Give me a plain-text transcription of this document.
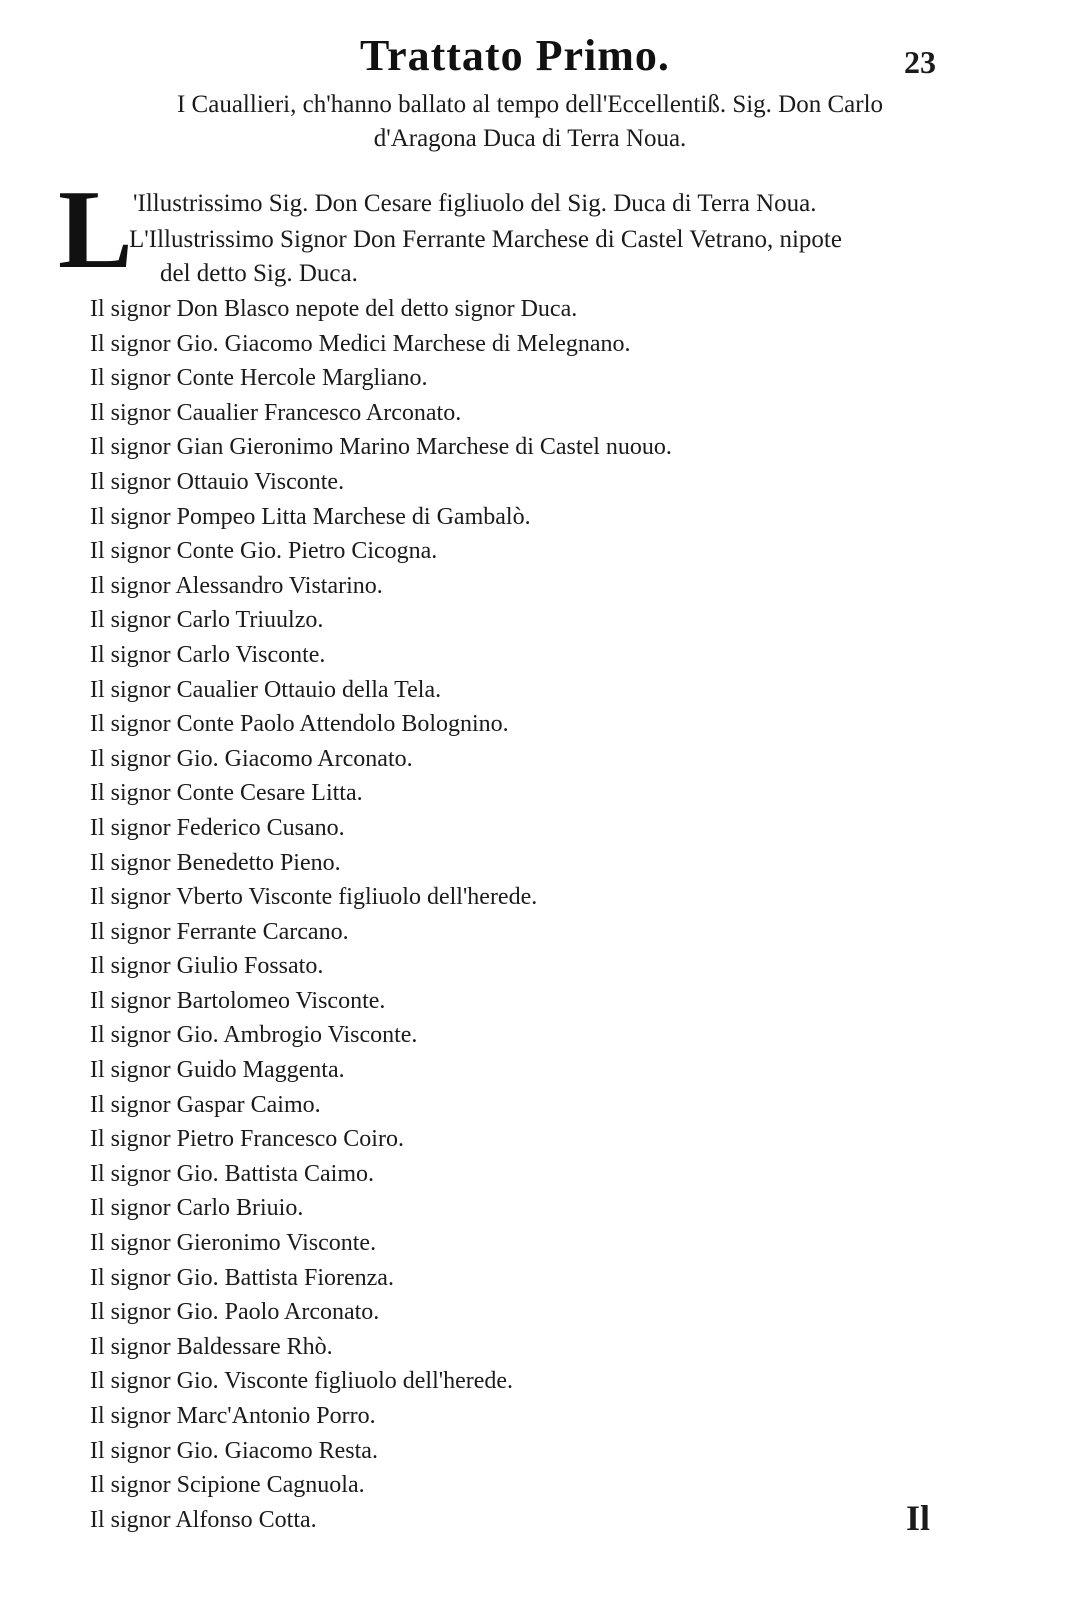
Trattato Primo.	23
I Cauallieri, ch'hanno ballato al tempo dell'Eccellentiß. Sig. Don Carlo
d'Aragona Duca di Terra Noua.
L 'Illustrissimo Sig. Don Cesare figliuolo del Sig. Duca di Terra Noua.
L'Illustrissimo Signor Don Ferrante Marchese di Castel Vetrano, nipote
del detto Sig. Duca.
Il signor Don Blasco nepote del detto signor Duca.
Il signor Gio. Giacomo Medici Marchese di Melegnano.
Il signor Conte Hercole Margliano.
Il signor Caualier Francesco Arconato.
Il signor Gian Gieronimo Marino Marchese di Castel nuouo.
Il signor Ottauio Visconte.
Il signor Pompeo Litta Marchese di Gambalò.
Il signor Conte Gio. Pietro Cicogna.
Il signor Alessandro Vistarino.
Il signor Carlo Triuulzo.
Il signor Carlo Visconte.
Il signor Caualier Ottauio della Tela.
Il signor Conte Paolo Attendolo Bolognino.
Il signor Gio. Giacomo Arconato.
Il signor Conte Cesare Litta.
Il signor Federico Cusano.
Il signor Benedetto Pieno.
Il signor Vberto Visconte figliuolo dell'herede.
Il signor Ferrante Carcano.
Il signor Giulio Fossato.
Il signor Bartolomeo Visconte.
Il signor Gio. Ambrogio Visconte.
Il signor Guido Maggenta.
Il signor Gaspar Caimo.
Il signor Pietro Francesco Coiro.
Il signor Gio. Battista Caimo.
Il signor Carlo Briuio.
Il signor Gieronimo Visconte.
Il signor Gio. Battista Fiorenza.
Il signor Gio. Paolo Arconato.
Il signor Baldessare Rhò.
Il signor Gio. Visconte figliuolo dell'herede.
Il signor Marc'Antonio Porro.
Il signor Gio. Giacomo Resta.
Il signor Scipione Cagnuola.
Il signor Alfonso Cotta.	Il
